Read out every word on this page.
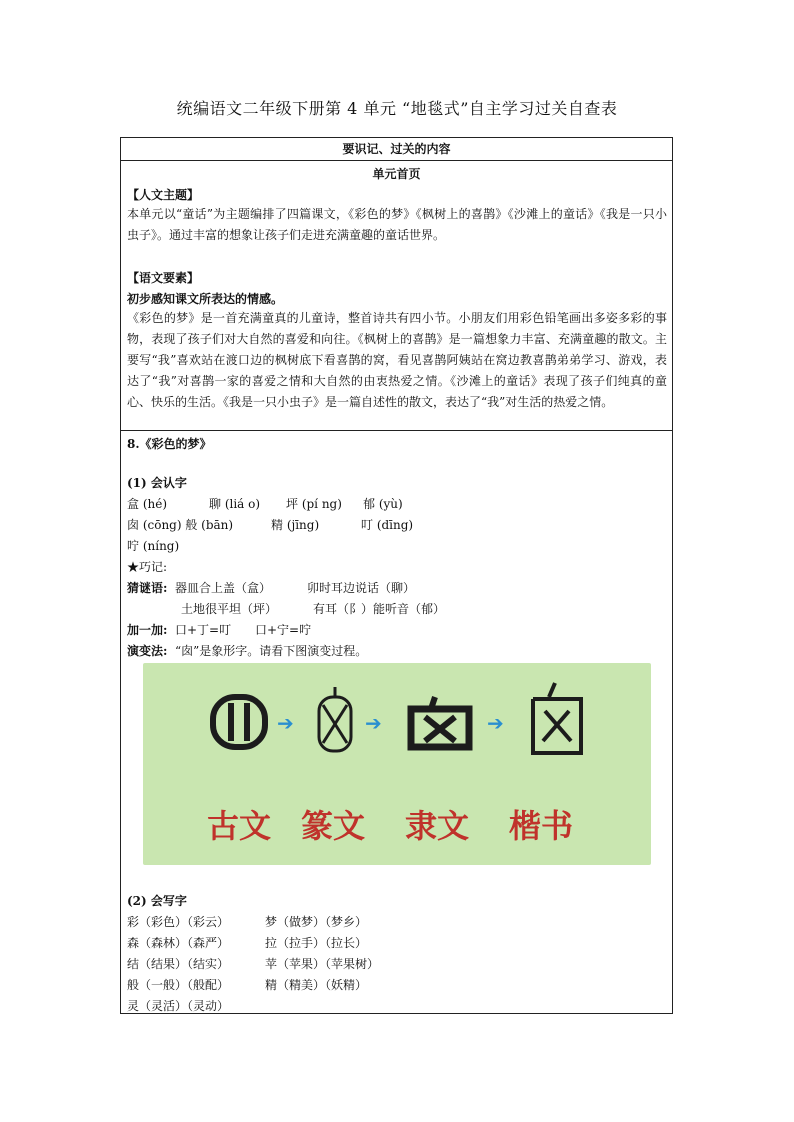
统编语文二年级下册第 4 单元 “地毯式”自主学习过关自查表
要识记、过关的内容
单元首页
【人文主题】
本单元以“童话”为主题编排了四篇课文，《彩色的梦》《枫树上的喜鹊》《沙滩上的童话》《我是一只小虫子》。通过丰富的想象让孩子们走进充满童趣的童话世界。
【语文要素】
初步感知课文所表达的情感。
《彩色的梦》是一首充满童真的儿童诗，整首诗共有四小节。小朋友们用彩色铅笔画出多姿多彩的事物，表现了孩子们对大自然的喜爱和向往。《枫树上的喜鹊》是一篇想象力丰富、充满童趣的散文。主要写“我”喜欢站在渡口边的枫树底下看喜鹊的窝，看见喜鹊阿姨站在窝边教喜鹊弟弟学习、游戏，表达了“我”对喜鹊一家的喜爱之情和大自然的由衷热爱之情。《沙滩上的童话》表现了孩子们纯真的童心、快乐的生活。《我是一只小虫子》是一篇自述性的散文，表达了“我”对生活的热爱之情。
8.《彩色的梦》
(1) 会认字
盒 (hé)	聊 (liá o) 坪 (pí ng) 郁 (yù)
囱 (cōng) 般 (bān)	精 (jīng)	叮 (dīng)
咛 (níng)
★巧记:
猜谜语: 器皿合上盖（盒）	卯时耳边说话（聊）
土地很平坦（坪）	有耳（阝）能听音（郁）
加一加: 口+丁=叮 口+宁=咛
演变法: “囱”是象形字。请看下图演变过程。
➔	➔	➔
古文 篆文 隶文 楷书
(2) 会写字
彩（彩色）（彩云）	梦（做梦）（梦乡）
森（森林）（森严）	拉（拉手）（拉长）
结（结果）（结实）	苹（苹果）（苹果树）
般（一般）（般配）	精（精美）（妖精）
灵（灵活）（灵动）
